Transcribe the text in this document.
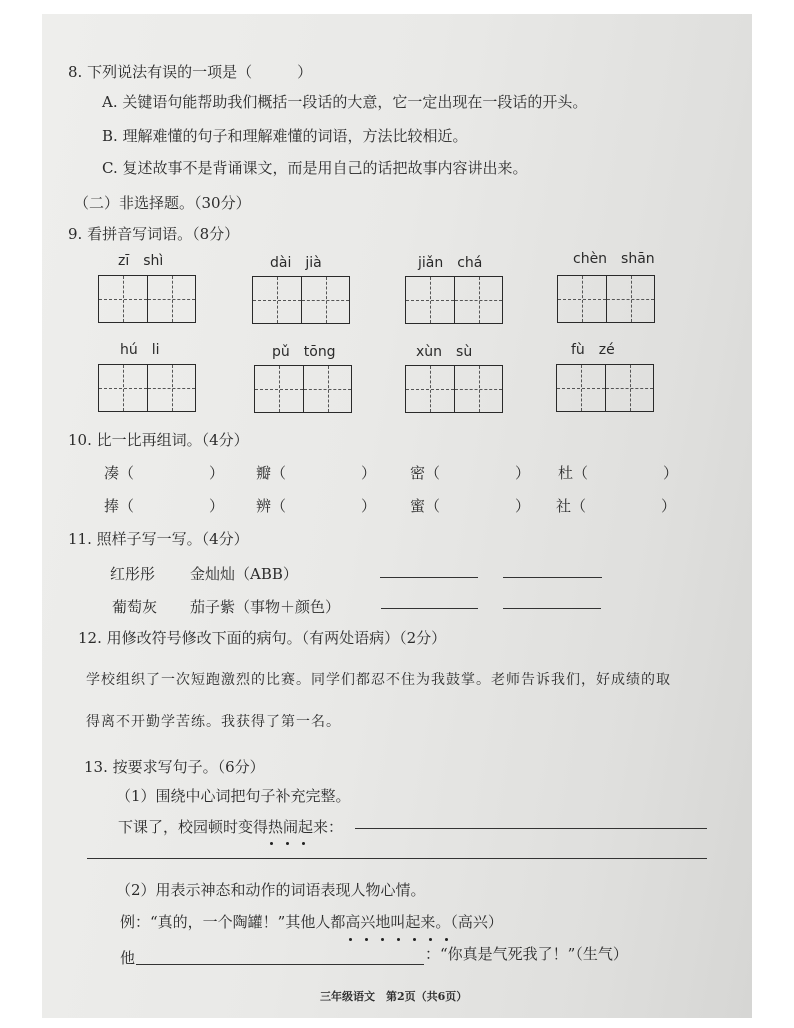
8. 下列说法有误的一项是（　　　）
A. 关键语句能帮助我们概括一段话的大意，它一定出现在一段话的开头。
B. 理解难懂的句子和理解难懂的词语，方法比较相近。
C. 复述故事不是背诵课文，而是用自己的话把故事内容讲出来。
（二）非选择题。（30分）
9. 看拼音写词语。（8分）
zī　shì	dài　jià	jiǎn　chá	chèn　shān
hú　li	pǔ　tōng	xùn　sù	fù　zé
10. 比一比再组词。（4分）
凑（　　　　　） 瓣（　　　　　） 密（　　　　　） 杜（　　　　　）
捧（　　　　　） 辨（　　　　　） 蜜（　　　　　） 社（　　　　　）
11. 照样子写一写。（4分）
红彤彤 金灿灿（ABB）
葡萄灰 茄子紫（事物＋颜色）
12. 用修改符号修改下面的病句。（有两处语病）（2分）
学校组织了一次短跑激烈的比赛。同学们都忍不住为我鼓掌。老师告诉我们，好成绩的取
得离不开勤学苦练。我获得了第一名。
13. 按要求写句子。（6分）
（1）围绕中心词把句子补充完整。
下课了，校园顿时变得热闹起来：
（2）用表示神态和动作的词语表现人物心情。
例：“真的，一个陶罐！”其他人都高兴地叫起来。（高兴）
他	：“你真是气死我了！”（生气）
三年级语文　第2页（共6页）
